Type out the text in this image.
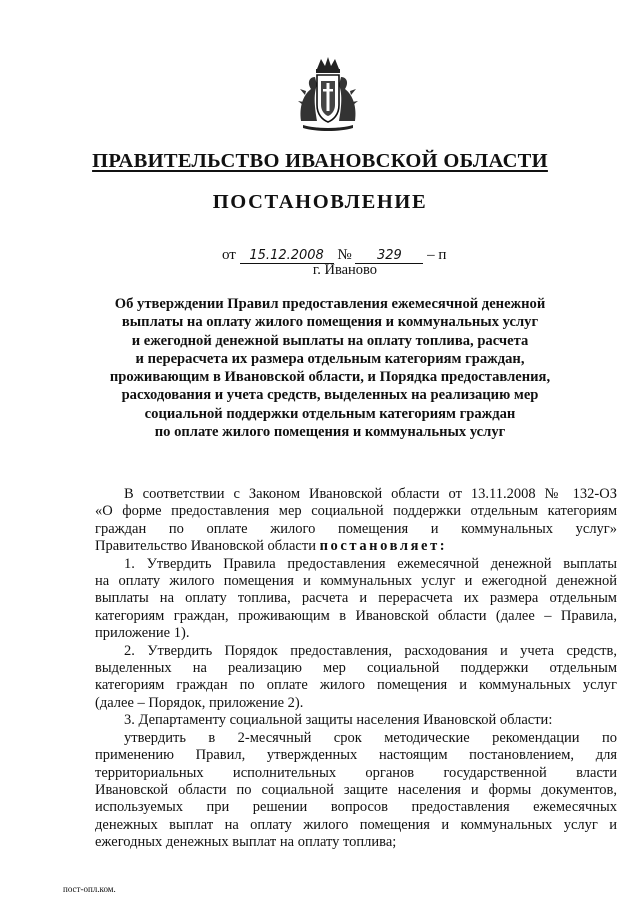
ПРАВИТЕЛЬСТВО ИВАНОВСКОЙ ОБЛАСТИ
ПОСТАНОВЛЕНИЕ
от 15.12.2008 № 329 – п
г. Иваново
Об утверждении Правил предоставления ежемесячной денежной
выплаты на оплату жилого помещения и коммунальных услуг
и ежегодной денежной выплаты на оплату топлива, расчета
и перерасчета их размера отдельным категориям граждан,
проживающим в Ивановской области, и Порядка предоставления,
расходования и учета средств, выделенных на реализацию мер
социальной поддержки отдельным категориям граждан
по оплате жилого помещения и коммунальных услуг
В соответствии с Законом Ивановской области от 13.11.2008 № 132-ОЗ
«О форме предоставления мер социальной поддержки отдельным категориям
граждан по оплате жилого помещения и коммунальных услуг»
Правительство Ивановской области постановляет:
1. Утвердить Правила предоставления ежемесячной денежной выплаты
на оплату жилого помещения и коммунальных услуг и ежегодной денежной
выплаты на оплату топлива, расчета и перерасчета их размера отдельным
категориям граждан, проживающим в Ивановской области (далее – Правила,
приложение 1).
2. Утвердить Порядок предоставления, расходования и учета средств,
выделенных на реализацию мер социальной поддержки отдельным
категориям граждан по оплате жилого помещения и коммунальных услуг
(далее – Порядок, приложение 2).
3. Департаменту социальной защиты населения Ивановской области:
утвердить в 2-месячный срок методические рекомендации по
применению Правил, утвержденных настоящим постановлением, для
территориальных исполнительных органов государственной власти
Ивановской области по социальной защите населения и формы документов,
используемых при решении вопросов предоставления ежемесячных
денежных выплат на оплату жилого помещения и коммунальных услуг и
ежегодных денежных выплат на оплату топлива;
пост-опл.ком.
